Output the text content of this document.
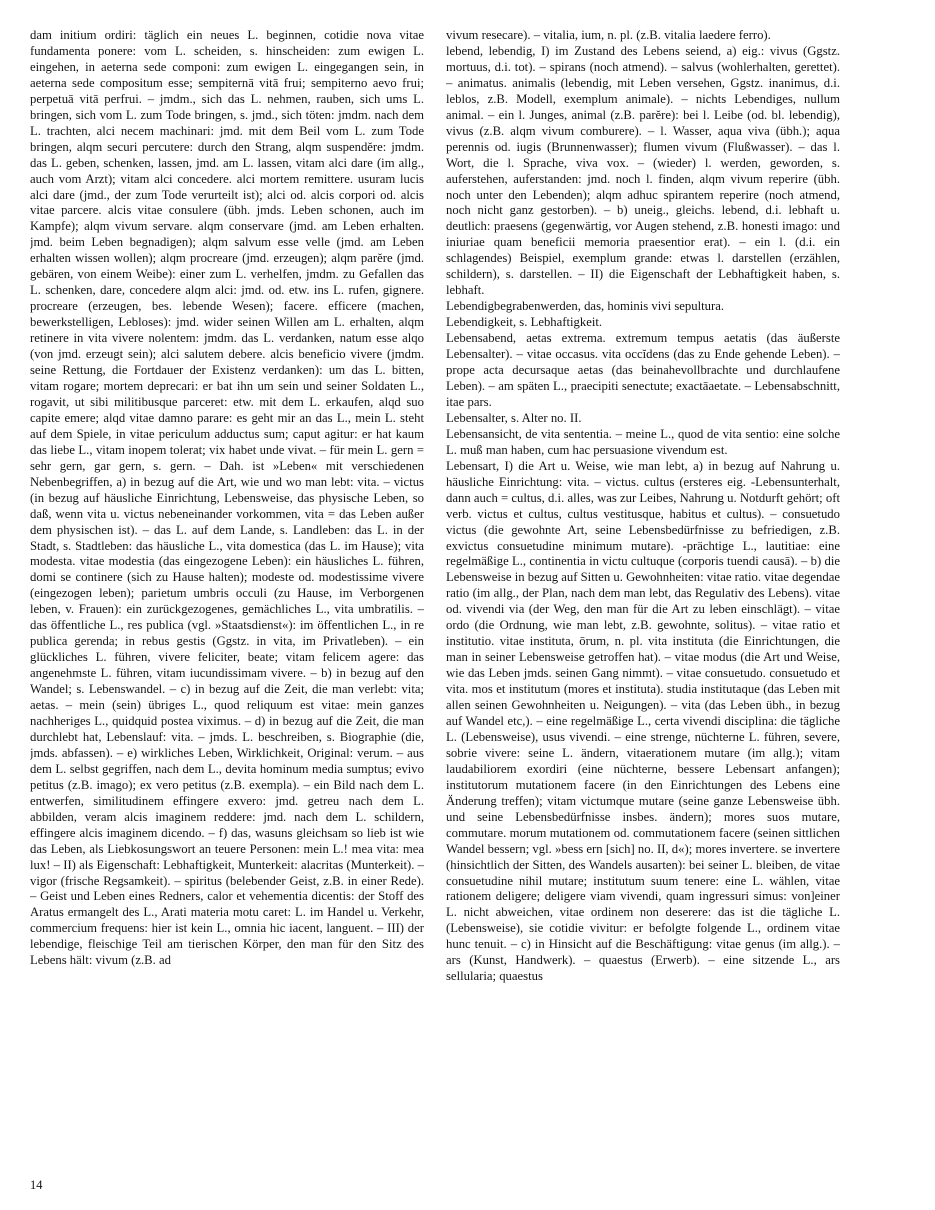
dam initium ordiri: täglich ein neues L. beginnen, cotidie nova vitae fundamenta ponere: vom L. scheiden, s. hinscheiden: zum ewigen L. eingehen, in aeterna sede componi: zum ewigen L. eingegangen sein, in aeterna sede compositum esse; sempiternā vitā frui; sempiterno aevo frui; perpetuā vitā perfrui. – jmdm., sich das L. nehmen, rauben, sich ums L. bringen, sich vom L. zum Tode bringen, s. jmd., sich töten: jmdm. nach dem L. trachten, alci necem machinari: jmd. mit dem Beil vom L. zum Tode bringen, alqm securi percutere: durch den Strang, alqm suspendĕre: jmdm. das L. geben, schenken, lassen, jmd. am L. lassen, vitam alci dare (im allg., auch vom Arzt); vitam alci concedere. alci mortem remittere. usuram lucis alci dare (jmd., der zum Tode verurteilt ist); alci od. alcis corpori od. alcis vitae parcere. alcis vitae consulere (übh. jmds. Leben schonen, auch im Kampfe); alqm vivum servare. alqm conservare (jmd. am Leben erhalten. jmd. beim Leben begnadigen); alqm salvum esse velle (jmd. am Leben erhalten wissen wollen); alqm procreare (jmd. erzeugen); alqm parĕre (jmd. gebären, von einem Weibe): einer zum L. verhelfen, jmdm. zu Gefallen das L. schenken, dare, concedere alqm alci: jmd. od. etw. ins L. rufen, gignere. procreare (erzeugen, bes. lebende Wesen); facere. efficere (machen, bewerkstelligen, Lebloses): jmd. wider seinen Willen am L. erhalten, alqm retinere in vita vivere nolentem: jmdm. das L. verdanken, natum esse alqo (von jmd. erzeugt sein); alci salutem debere. alcis beneficio vivere (jmdm. seine Rettung, die Fortdauer der Existenz verdanken): um das L. bitten, vitam rogare; mortem deprecari: er bat ihn um sein und seiner Soldaten L., rogavit, ut sibi militibusque parceret: etw. mit dem L. erkaufen, alqd suo capite emere; alqd vitae damno parare: es geht mir an das L., mein L. steht auf dem Spiele, in vitae periculum adductus sum; caput agitur: er hat kaum das liebe L., vitam inopem tolerat; vix habet unde vivat. – für mein L. gern = sehr gern, gar gern, s. gern. – Dah. ist »Leben« mit verschiedenen Nebenbegriffen, a) in bezug auf die Art, wie und wo man lebt: vita. – victus (in bezug auf häusliche Einrichtung, Lebensweise, das physische Leben, so daß, wenn vita u. victus nebeneinander vorkommen, vita = das Leben außer dem physischen ist). – das L. auf dem Lande, s. Landleben: das L. in der Stadt, s. Stadtleben: das häusliche L., vita domestica (das L. im Hause); vita modesta. vitae modestia (das eingezogene Leben): ein häusliches L. führen, domi se continere (sich zu Hause halten); modeste od. modestissime vivere (eingezogen leben); parietum umbris occuli (zu Hause, im Verborgenen leben, v. Frauen): ein zurückgezogenes, gemächliches L., vita umbratilis. – das öffentliche L., res publica (vgl. »Staatsdienst«): im öffentlichen L., in re publica gerenda; in rebus gestis (Ggstz. in vita, im Privatleben). – ein glückliches L. führen, vivere feliciter, beate; vitam felicem agere: das angenehmste L. führen, vitam iucundissimam vivere. – b) in bezug auf den Wandel; s. Lebenswandel. – c) in bezug auf die Zeit, die man verlebt: vita; aetas. – mein (sein) übriges L., quod reliquum est vitae: mein ganzes nachheriges L., quidquid postea viximus. – d) in bezug auf die Zeit, die man durchlebt hat, Lebenslauf: vita. – jmds. L. beschreiben, s. Biographie (die, jmds. abfassen). – e) wirkliches Leben, Wirklichkeit, Original: verum. – aus dem L. selbst gegriffen, nach dem L., devita hominum media sumptus; evivo petitus (z.B. imago); ex vero petitus (z.B. exempla). – ein Bild nach dem L. entwerfen, similitudinem effingere exvero: jmd. getreu nach dem L. abbilden, veram alcis imaginem reddere: jmd. nach dem L. schildern, effingere alcis imaginem dicendo. – f) das, wasuns gleichsam so lieb ist wie das Leben, als Liebkosungswort an teuere Personen: mein L.! mea vita: mea lux! – II) als Eigenschaft: Lebhaftigkeit, Munterkeit: alacritas (Munterkeit). – vigor (frische Regsamkeit). – spiritus (belebender Geist, z.B. in einer Rede). – Geist und Leben eines Redners, calor et vehementia dicentis: der Stoff des Aratus ermangelt des L., Arati materia motu caret: L. im Handel u. Verkehr, commercium frequens: hier ist kein L., omnia hic iacent, languent. – III) der lebendige, fleischige Teil am tierischen Körper, den man für den Sitz des Lebens hält: vivum (z.B. ad

vivum resecare). – vitalia, ium, n. pl. (z.B. vitalia laedere ferro).

lebend, lebendig, I) im Zustand des Lebens seiend, a) eig.: vivus (Ggstz. mortuus, d.i. tot). – spirans (noch atmend). – salvus (wohlerhalten, gerettet). – animatus. animalis (lebendig, mit Leben versehen, Ggstz. inanimus, d.i. leblos, z.B. Modell, exemplum animale). – nichts Lebendiges, nullum animal. – ein l. Junges, animal (z.B. parĕre): bei l. Leibe (od. bl. lebendig), vivus (z.B. alqm vivum comburere). – l. Wasser, aqua viva (übh.); aqua perennis od. iugis (Brunnenwasser); flumen vivum (Flußwasser). – das l. Wort, die l. Sprache, viva vox. – (wieder) l. werden, geworden, s. auferstehen, auferstanden: jmd. noch l. finden, alqm vivum reperire (übh. noch unter den Lebenden); alqm adhuc spirantem reperire (noch atmend, noch nicht ganz gestorben). – b) uneig., gleichs. lebend, d.i. lebhaft u. deutlich: praesens (gegenwärtig, vor Augen stehend, z.B. honesti imago: und iniuriae quam beneficii memoria praesentior erat). – ein l. (d.i. ein schlagendes) Beispiel, exemplum grande: etwas l. darstellen (erzählen, schildern), s. darstellen. – II) die Eigenschaft der Lebhaftigkeit haben, s. lebhaft.

Lebendigbegrabenwerden, das, hominis vivi sepultura.

Lebendigkeit, s. Lebhaftigkeit.

Lebensabend, aetas extrema. extremum tempus aetatis (das äußerste Lebensalter). – vitae occasus. vita occĭdens (das zu Ende gehende Leben). – prope acta decursaque aetas (das beinahevollbrachte und durchlaufene Leben). – am späten L., praecipiti senectute; exactāaetate. – Lebensabschnitt, itae pars.

Lebensalter, s. Alter no. II.

Lebensansicht, de vita sententia. – meine L., quod de vita sentio: eine solche L. muß man haben, cum hac persuasione vivendum est.

Lebensart, I) die Art u. Weise, wie man lebt, a) in bezug auf Nahrung u. häusliche Einrichtung: vita. – victus. cultus (ersteres eig. -Lebensunterhalt, dann auch = cultus, d.i. alles, was zur Leibes, Nahrung u. Notdurft gehört; oft verb. victus et cultus, cultus vestitusque, habitus et cultus). – consuetudo victus (die gewohnte Art, seine Lebensbedürfnisse zu befriedigen, z.B. exvictus consuetudine minimum mutare). -prächtige L., lautitiae: eine regelmäßige L., continentia in victu cultuque (corporis tuendi causā). – b) die Lebensweise in bezug auf Sitten u. Gewohnheiten: vitae ratio. vitae degendae ratio (im allg., der Plan, nach dem man lebt, das Regulativ des Lebens). vitae od. vivendi via (der Weg, den man für die Art zu leben einschlägt). – vitae ordo (die Ordnung, wie man lebt, z.B. gewohnte, solitus). – vitae ratio et institutio. vitae instituta, ōrum, n. pl. vita instituta (die Einrichtungen, die man in seiner Lebensweise getroffen hat). – vitae modus (die Art und Weise, wie das Leben jmds. seinen Gang nimmt). – vitae consuetudo. consuetudo et vita. mos et institutum (mores et instituta). studia institutaque (das Leben mit allen seinen Gewohnheiten u. Neigungen). – vita (das Leben übh., in bezug auf Wandel etc,). – eine regelmäßige L., certa vivendi disciplina: die tägliche L. (Lebensweise), usus vivendi. – eine strenge, nüchterne L. führen, severe, sobrie vivere: seine L. ändern, vitaerationem mutare (im allg.); vitam laudabiliorem exordiri (eine nüchterne, bessere Lebensart anfangen); institutorum mutationem facere (in den Einrichtungen des Lebens eine Änderung treffen); vitam victumque mutare (seine ganze Lebensweise übh. und seine Lebensbedürfnisse insbes. ändern); mores suos mutare, commutare. morum mutationem od. commutationem facere (seinen sittlichen Wandel bessern; vgl. »bess ern [sich] no. II, d«); mores invertere. se invertere (hinsichtlich der Sitten, des Wandels ausarten): bei seiner L. bleiben, de vitae consuetudine nihil mutare; institutum suum tenere: eine L. wählen, vitae rationem deligere; deligere viam vivendi, quam ingressuri simus: von]einer L. nicht abweichen, vitae ordinem non deserere: das ist die tägliche L. (Lebensweise), sie cotidie vivitur: er befolgte folgende L., ordinem vitae hunc tenuit. – c) in Hinsicht auf die Beschäftigung: vitae genus (im allg.). – ars (Kunst, Handwerk). – quaestus (Erwerb). – eine sitzende L., ars sellularia; quaestus

14
